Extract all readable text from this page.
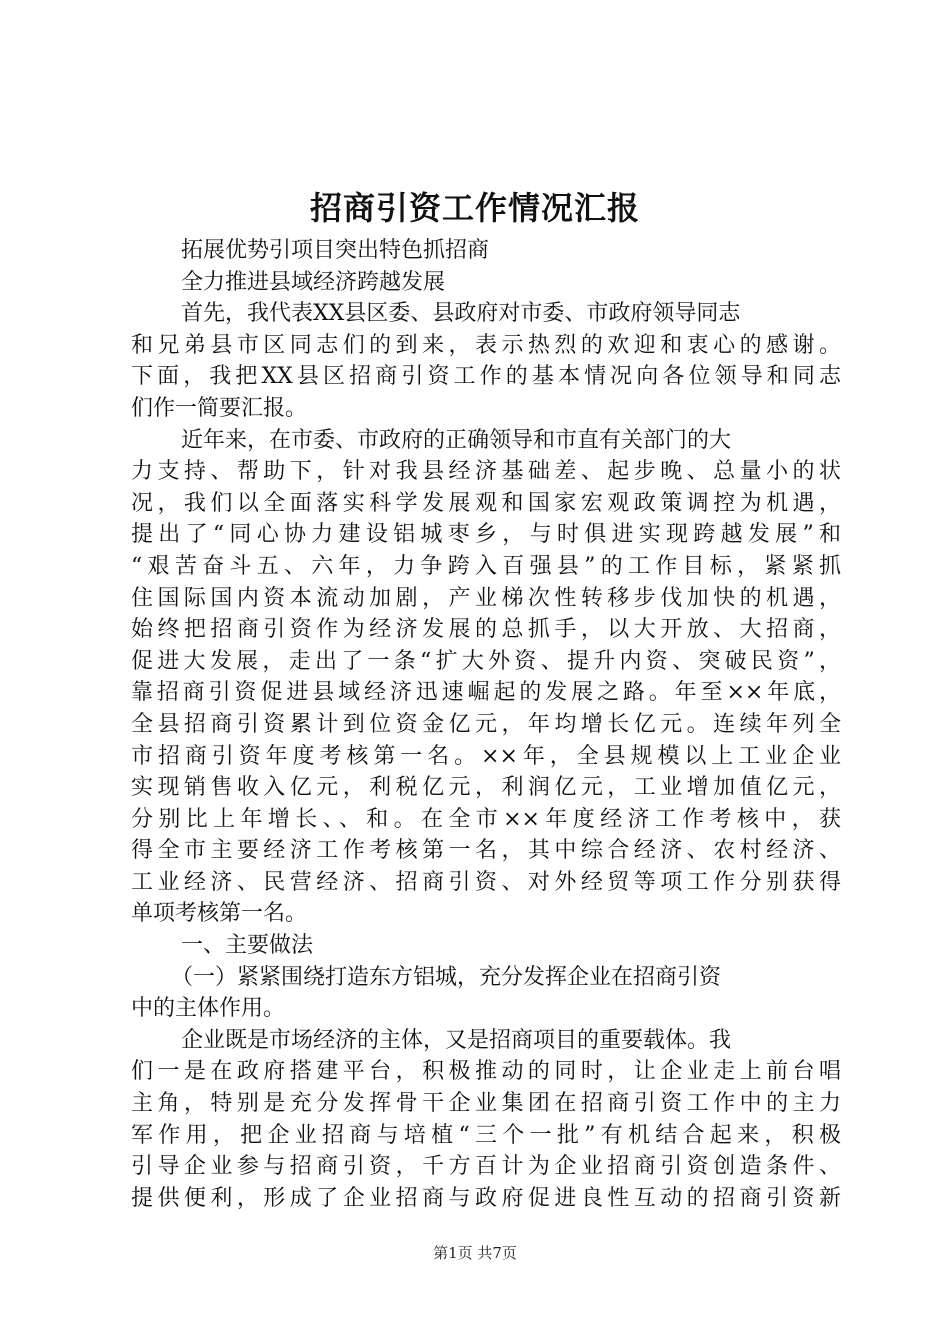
招商引资工作情况汇报
拓展优势引项目突出特色抓招商
全力推进县域经济跨越发展
首先，我代表XX县区委、县政府对市委、市政府领导同志
和兄弟县市区同志们的到来，表示热烈的欢迎和衷心的感谢。
下面，我把XX县区招商引资工作的基本情况向各位领导和同志
们作一简要汇报。
近年来，在市委、市政府的正确领导和市直有关部门的大
力支持、帮助下，针对我县经济基础差、起步晚、总量小的状
况，我们以全面落实科学发展观和国家宏观政策调控为机遇，
提出了“同心协力建设铝城枣乡，与时俱进实现跨越发展”和
“艰苦奋斗五、六年，力争跨入百强县”的工作目标，紧紧抓
住国际国内资本流动加剧，产业梯次性转移步伐加快的机遇，
始终把招商引资作为经济发展的总抓手，以大开放、大招商，
促进大发展，走出了一条“扩大外资、提升内资、突破民资”，
靠招商引资促进县域经济迅速崛起的发展之路。年至××年底，
全县招商引资累计到位资金亿元，年均增长亿元。连续年列全
市招商引资年度考核第一名。××年，全县规模以上工业企业
实现销售收入亿元，利税亿元，利润亿元，工业增加值亿元，
分别比上年增长、、和。在全市××年度经济工作考核中，获
得全市主要经济工作考核第一名，其中综合经济、农村经济、
工业经济、民营经济、招商引资、对外经贸等项工作分别获得
单项考核第一名。
一、主要做法
（一）紧紧围绕打造东方铝城，充分发挥企业在招商引资
中的主体作用。
企业既是市场经济的主体，又是招商项目的重要载体。我
们一是在政府搭建平台，积极推动的同时，让企业走上前台唱
主角，特别是充分发挥骨干企业集团在招商引资工作中的主力
军作用，把企业招商与培植“三个一批”有机结合起来，积极
引导企业参与招商引资，千方百计为企业招商引资创造条件、
提供便利，形成了企业招商与政府促进良性互动的招商引资新
第1页 共7页
